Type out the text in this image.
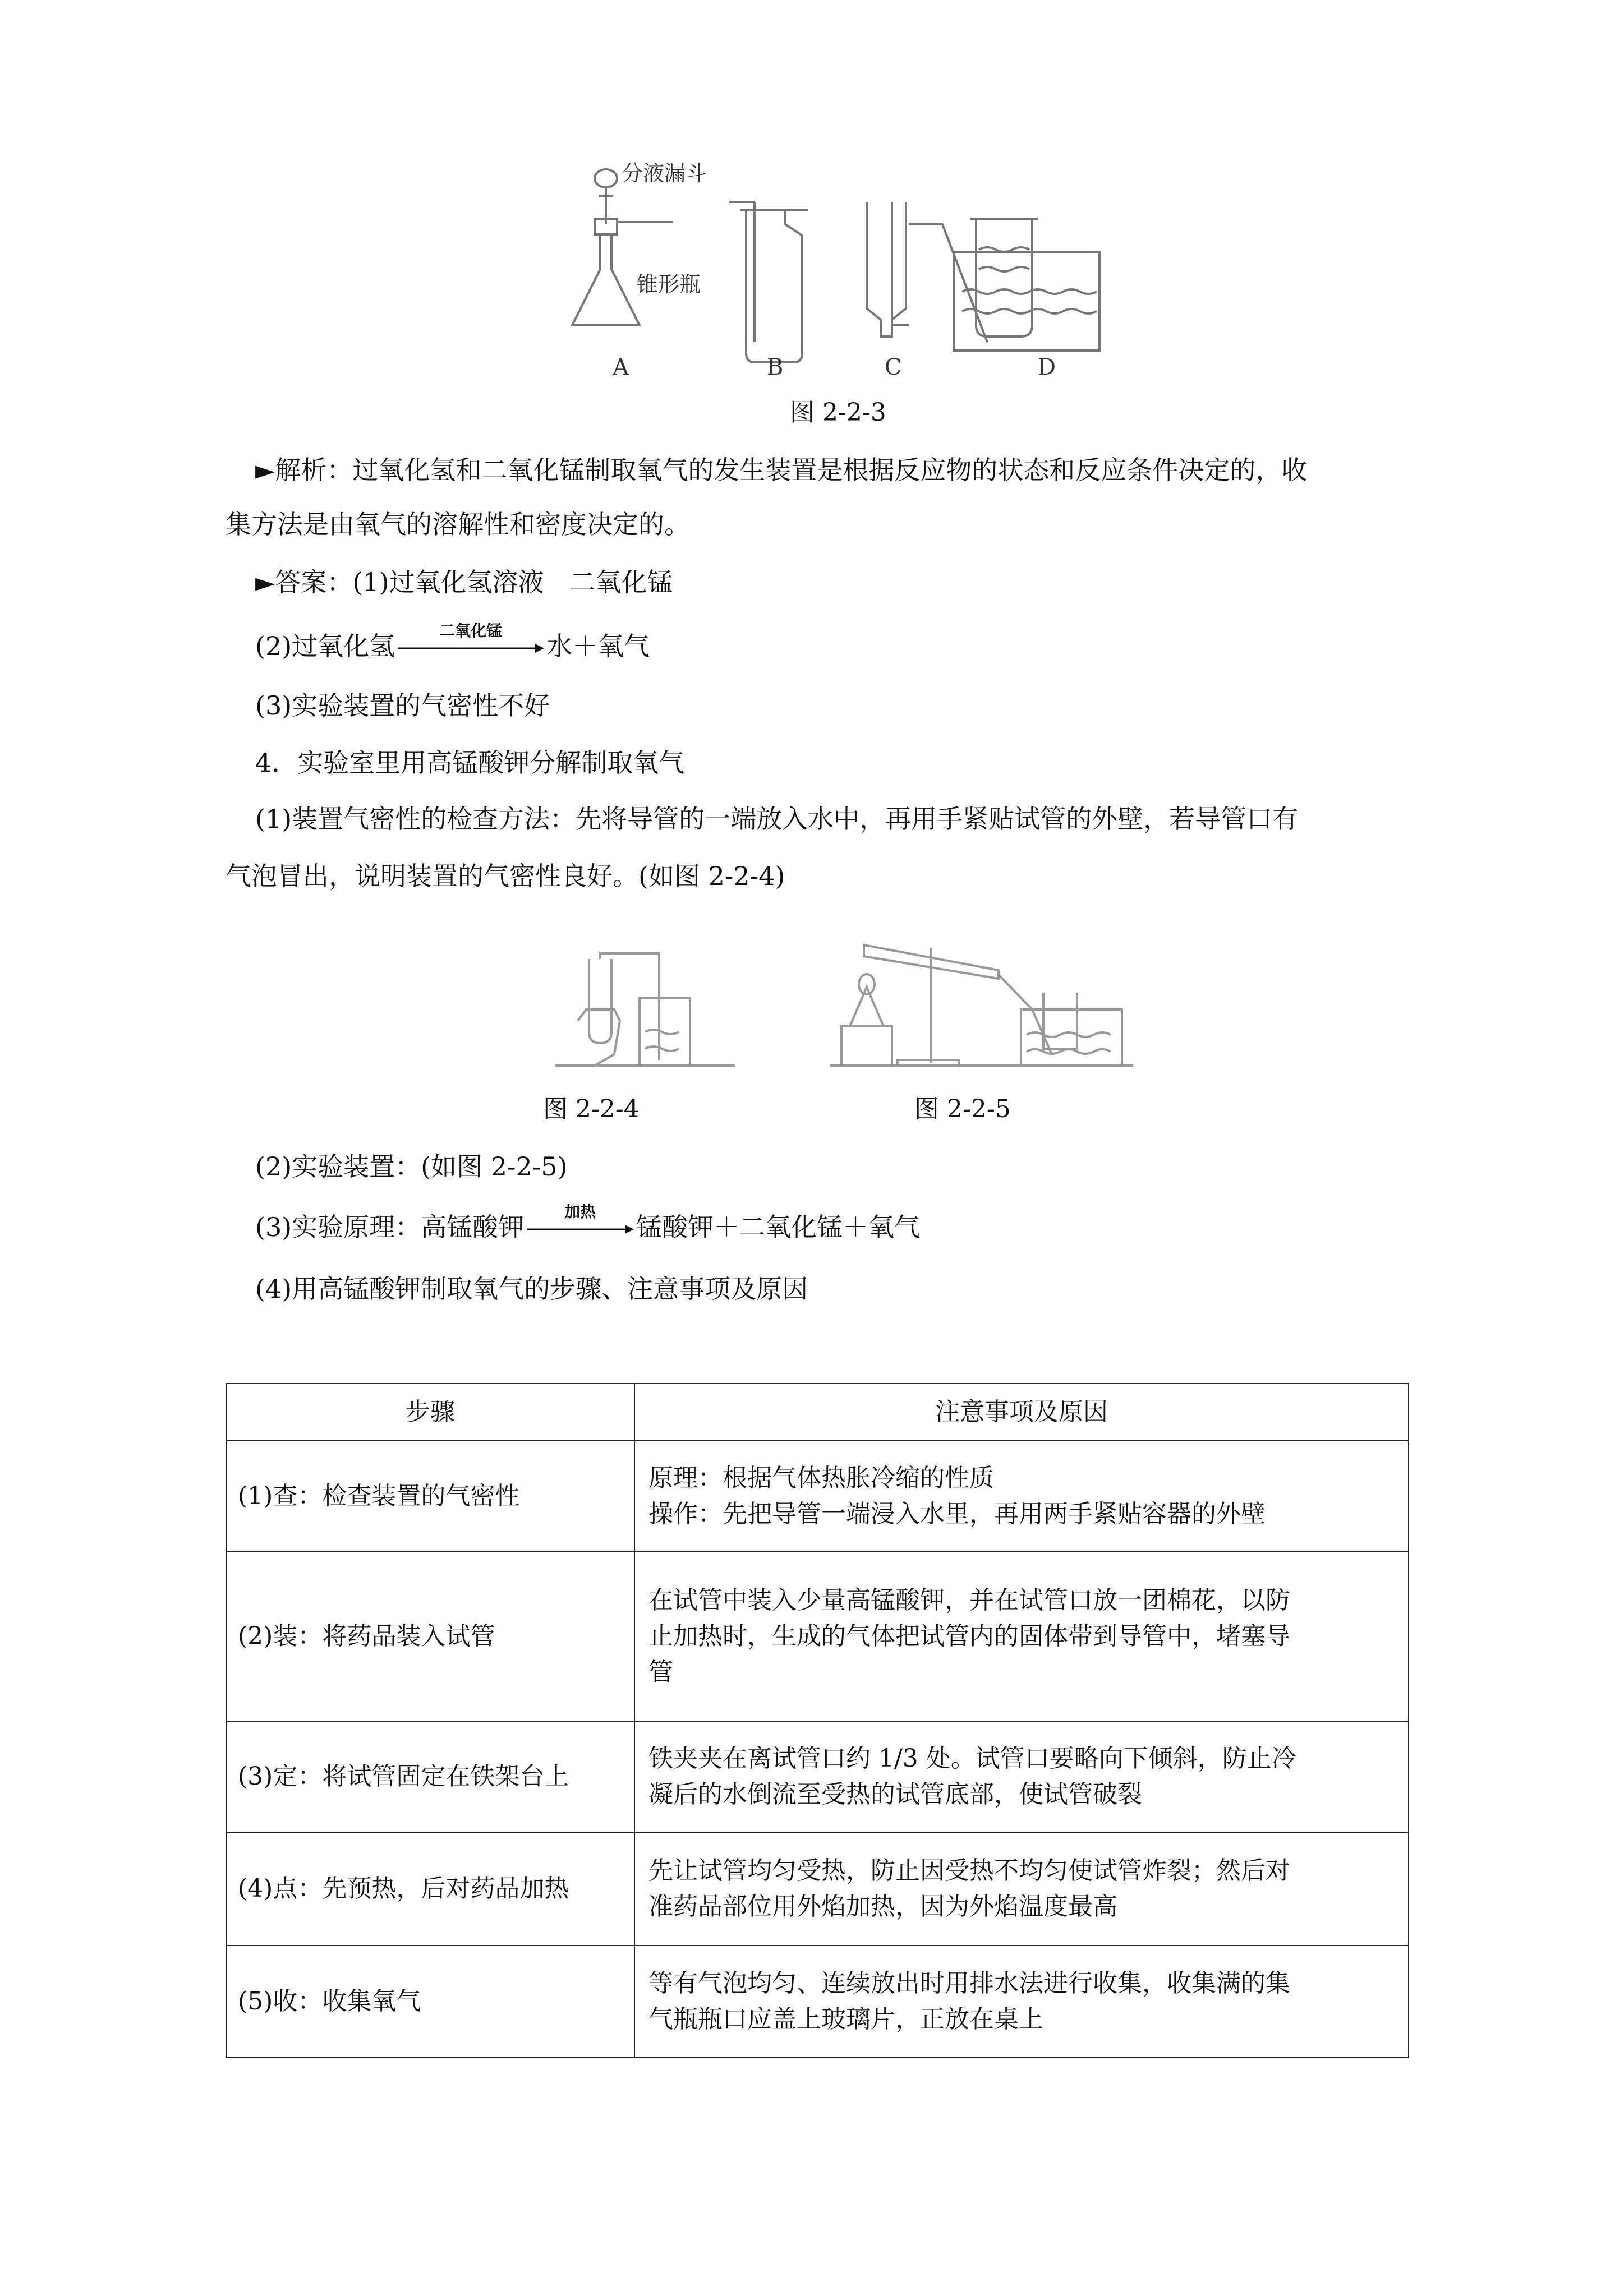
分液漏斗
锥形瓶
A	B	C	D
图 2-2-3
►解析：过氧化氢和二氧化锰制取氧气的发生装置是根据反应物的状态和反应条件决定的，收
集方法是由氧气的溶解性和密度决定的。
►答案：(1)过氧化氢溶液　二氧化锰
(2)过氧化氢
二氧化锰
水＋氧气
(3)实验装置的气密性不好
4．实验室里用高锰酸钾分解制取氧气
(1)装置气密性的检查方法：先将导管的一端放入水中，再用手紧贴试管的外壁，若导管口有
气泡冒出，说明装置的气密性良好。(如图 2-2-4)
图 2-2-4	图 2-2-5
(2)实验装置：(如图 2-2-5)
(3)实验原理：高锰酸钾
加热
锰酸钾＋二氧化锰＋氧气
(4)用高锰酸钾制取氧气的步骤、注意事项及原因
步骤	注意事项及原因
(1)查：检查装置的气密性	原理：根据气体热胀冷缩的性质
操作：先把导管一端浸入水里，再用两手紧贴容器的外壁

(2)装：将药品装入试管	在试管中装入少量高锰酸钾，并在试管口放一团棉花，以防
止加热时，生成的气体把试管内的固体带到导管中，堵塞导
管

(3)定：将试管固定在铁架台上	铁夹夹在离试管口约 1/3 处。试管口要略向下倾斜，防止冷
凝后的水倒流至受热的试管底部，使试管破裂

(4)点：先预热，后对药品加热	先让试管均匀受热，防止因受热不均匀使试管炸裂；然后对
准药品部位用外焰加热，因为外焰温度最高

(5)收：收集氧气	等有气泡均匀、连续放出时用排水法进行收集，收集满的集
气瓶瓶口应盖上玻璃片，正放在桌上
